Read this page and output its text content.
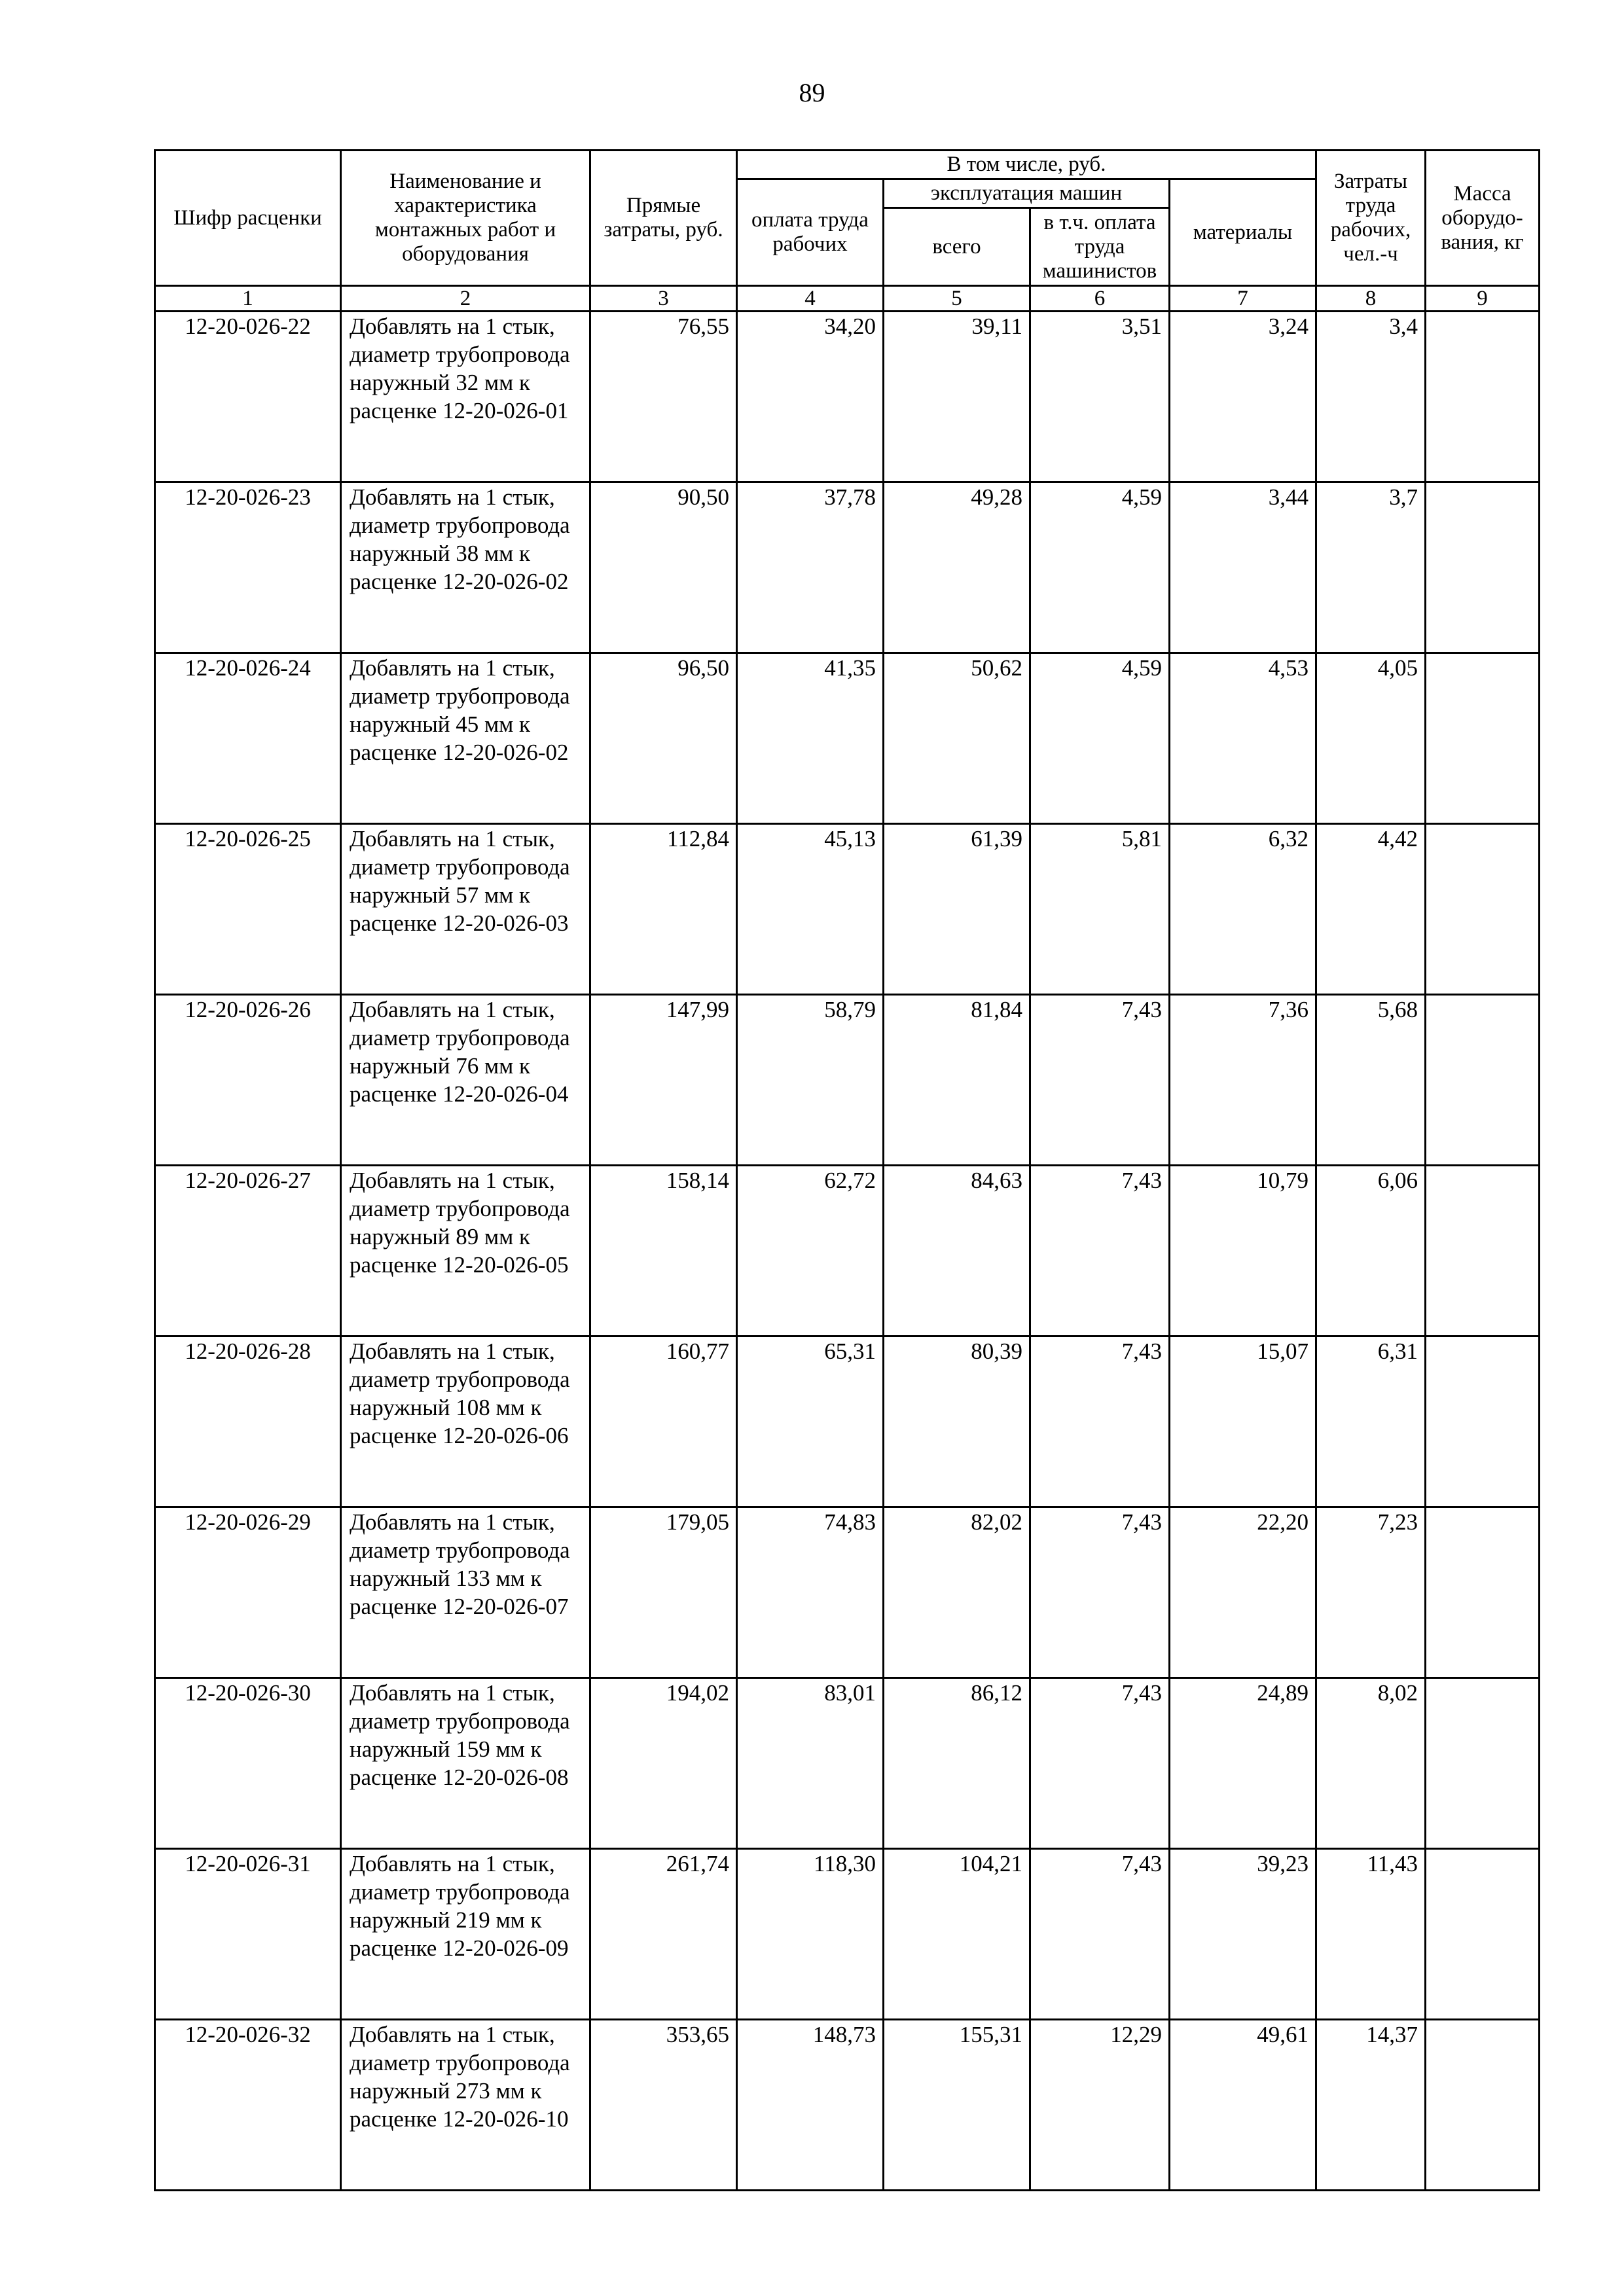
89
Шифр расценки	Наименование и характеристика монтажных работ и оборудования	Прямые затраты, руб.	В том числе, руб.				Затраты труда рабочих, чел.-ч	Масса оборудо-вания, кг
			оплата труда рабочих	эксплуатация машин		материалы		
				всего	в т.ч. оплата труда машинистов			
1	2	3	4	5	6	7	8	9
12-20-026-22	Добавлять на 1 стык, диаметр трубопровода наружный 32 мм к расценке 12-20-026-01	76,55	34,20	39,11	3,51	3,24	3,4	
12-20-026-23	Добавлять на 1 стык, диаметр трубопровода наружный 38 мм к расценке 12-20-026-02	90,50	37,78	49,28	4,59	3,44	3,7	
12-20-026-24	Добавлять на 1 стык, диаметр трубопровода наружный 45 мм к расценке 12-20-026-02	96,50	41,35	50,62	4,59	4,53	4,05	
12-20-026-25	Добавлять на 1 стык, диаметр трубопровода наружный 57 мм к расценке 12-20-026-03	112,84	45,13	61,39	5,81	6,32	4,42	
12-20-026-26	Добавлять на 1 стык, диаметр трубопровода наружный 76 мм к расценке 12-20-026-04	147,99	58,79	81,84	7,43	7,36	5,68	
12-20-026-27	Добавлять на 1 стык, диаметр трубопровода наружный 89 мм к расценке 12-20-026-05	158,14	62,72	84,63	7,43	10,79	6,06	
12-20-026-28	Добавлять на 1 стык, диаметр трубопровода наружный 108 мм к расценке 12-20-026-06	160,77	65,31	80,39	7,43	15,07	6,31	
12-20-026-29	Добавлять на 1 стык, диаметр трубопровода наружный 133 мм к расценке 12-20-026-07	179,05	74,83	82,02	7,43	22,20	7,23	
12-20-026-30	Добавлять на 1 стык, диаметр трубопровода наружный 159 мм к расценке 12-20-026-08	194,02	83,01	86,12	7,43	24,89	8,02	
12-20-026-31	Добавлять на 1 стык, диаметр трубопровода наружный 219 мм к расценке 12-20-026-09	261,74	118,30	104,21	7,43	39,23	11,43	
12-20-026-32	Добавлять на 1 стык, диаметр трубопровода наружный 273 мм к расценке 12-20-026-10	353,65	148,73	155,31	12,29	49,61	14,37	
